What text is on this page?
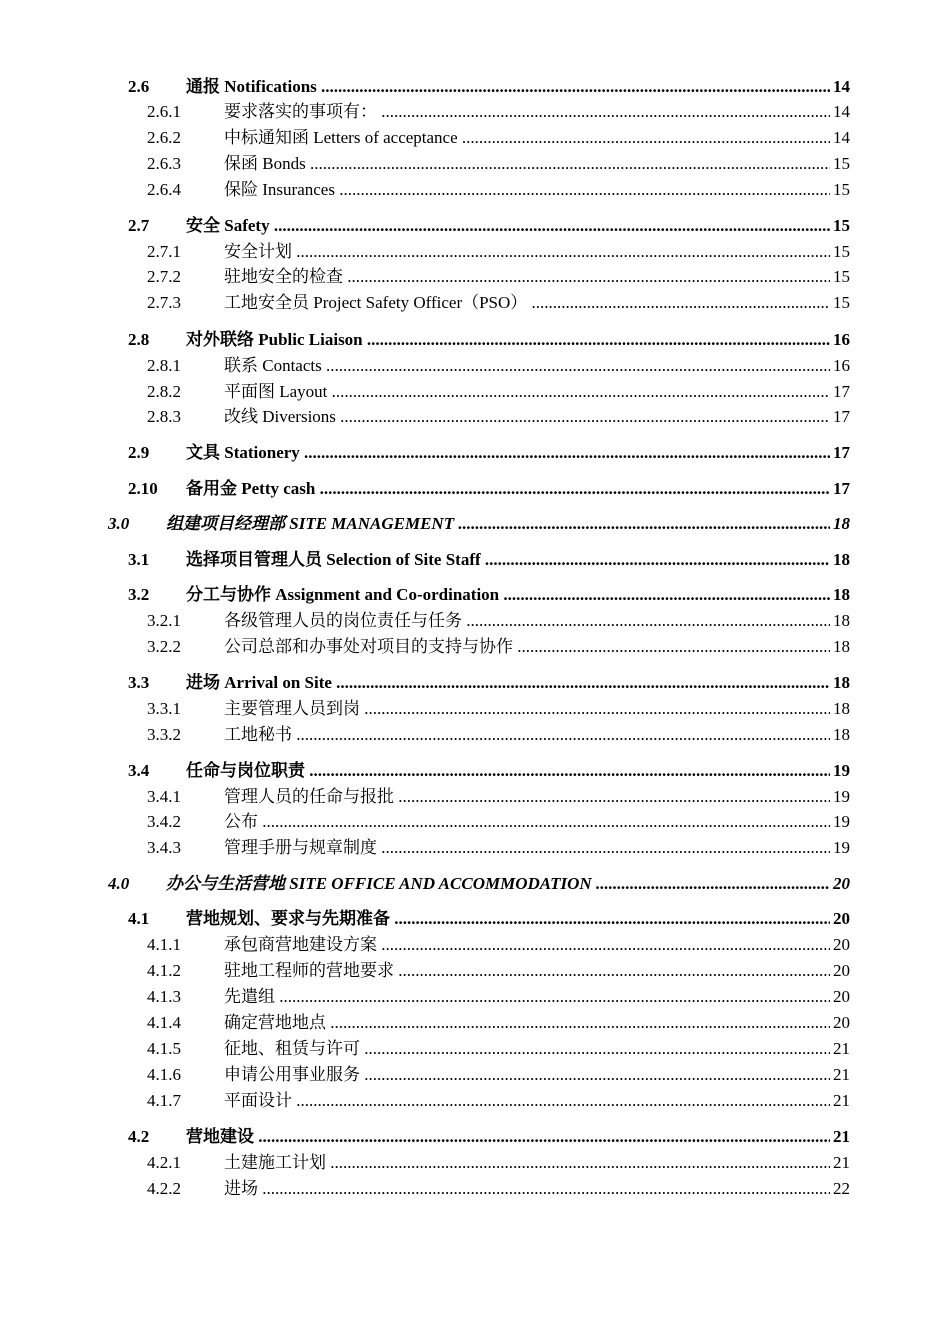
2.6 通报 Notifications .....	14
2.6.1	要求落实的事项有： .....	14
2.6.2	中标通知函 Letters of acceptance .....	14
2.6.3	保函 Bonds .....	15
2.6.4	保险 Insurances .....	15
2.7 安全 Safety .....	15
2.7.1	安全计划 .....	15
2.7.2	驻地安全的检查 .....	15
2.7.3	工地安全员 Project Safety Officer（PSO） .....	15
2.8 对外联络 Public Liaison .....	16
2.8.1	联系 Contacts .....	16
2.8.2	平面图 Layout .....	17
2.8.3	改线 Diversions .....	17
2.9 文具 Stationery .....	17
2.10 备用金 Petty cash .....	17
3.0 组建项目经理部 SITE MANAGEMENT .....	18
3.1 选择项目管理人员 Selection of Site Staff .....	18
3.2 分工与协作 Assignment and Co-ordination .....	18
3.2.1	各级管理人员的岗位责任与任务 .....	18
3.2.2	公司总部和办事处对项目的支持与协作 .....	18
3.3 进场 Arrival on Site .....	18
3.3.1	主要管理人员到岗 .....	18
3.3.2	工地秘书 .....	18
3.4 任命与岗位职责 .....	19
3.4.1	管理人员的任命与报批 .....	19
3.4.2	公布 .....	19
3.4.3	管理手册与规章制度 .....	19
4.0 办公与生活营地 SITE OFFICE AND ACCOMMODATION .....	20
4.1 营地规划、要求与先期准备 .....	20
4.1.1	承包商营地建设方案 .....	20
4.1.2	驻地工程师的营地要求 .....	20
4.1.3	先遣组 .....	20
4.1.4	确定营地地点 .....	20
4.1.5	征地、租赁与许可 .....	21
4.1.6	申请公用事业服务 .....	21
4.1.7	平面设计 .....	21
4.2 营地建设 .....	21
4.2.1	土建施工计划 .....	21
4.2.2	进场 .....	22
